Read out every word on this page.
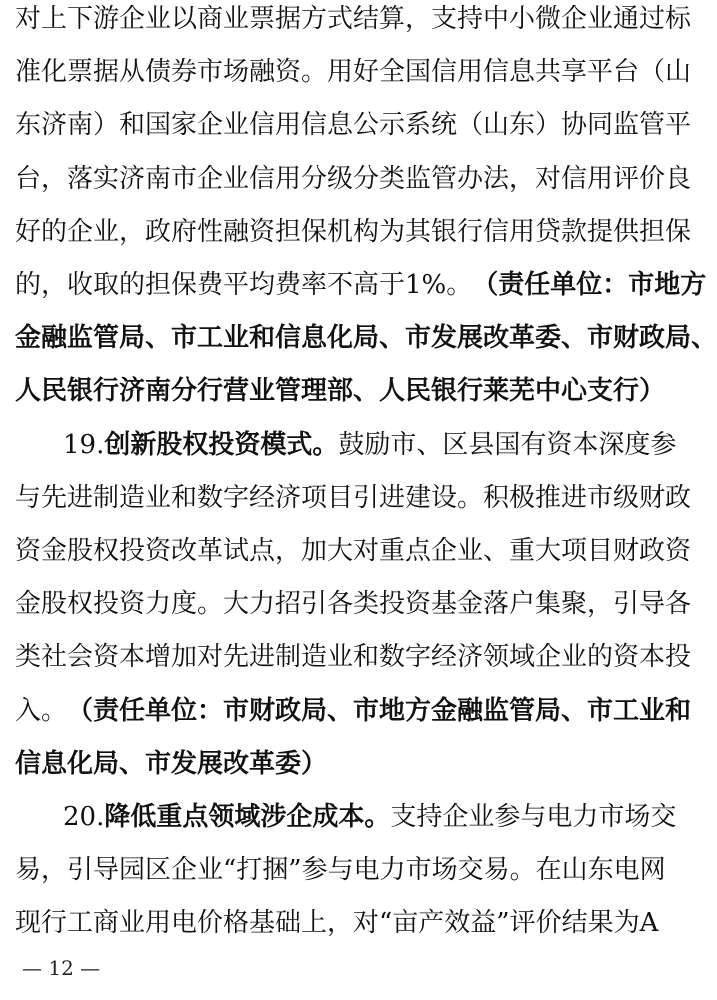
对上下游企业以商业票据方式结算，支持中小微企业通过标
准化票据从债券市场融资。用好全国信用信息共享平台（山
东济南）和国家企业信用信息公示系统（山东）协同监管平
台，落实济南市企业信用分级分类监管办法，对信用评价良
好的企业，政府性融资担保机构为其银行信用贷款提供担保
的，收取的担保费平均费率不高于1%。 （责任单位：市地方
金融监管局、市工业和信息化局、市发展改革委、市财政局、
人民银行济南分行营业管理部、人民银行莱芜中心支行）
19. 创新股权投资模式。 鼓励市、区县国有资本深度参
与先进制造业和数字经济项目引进建设。积极推进市级财政
资金股权投资改革试点，加大对重点企业、重大项目财政资
金股权投资力度。大力招引各类投资基金落户集聚，引导各
类社会资本增加对先进制造业和数字经济领域企业的资本投
入。 （责任单位：市财政局、市地方金融监管局、市工业和
信息化局、市发展改革委）
20. 降低重点领域涉企成本。 支持企业参与电力市场交
易，引导园区企业“打捆”参与电力市场交易。在山东电网
现行工商业用电价格基础上，对“亩产效益”评价结果为A
— 12 —
